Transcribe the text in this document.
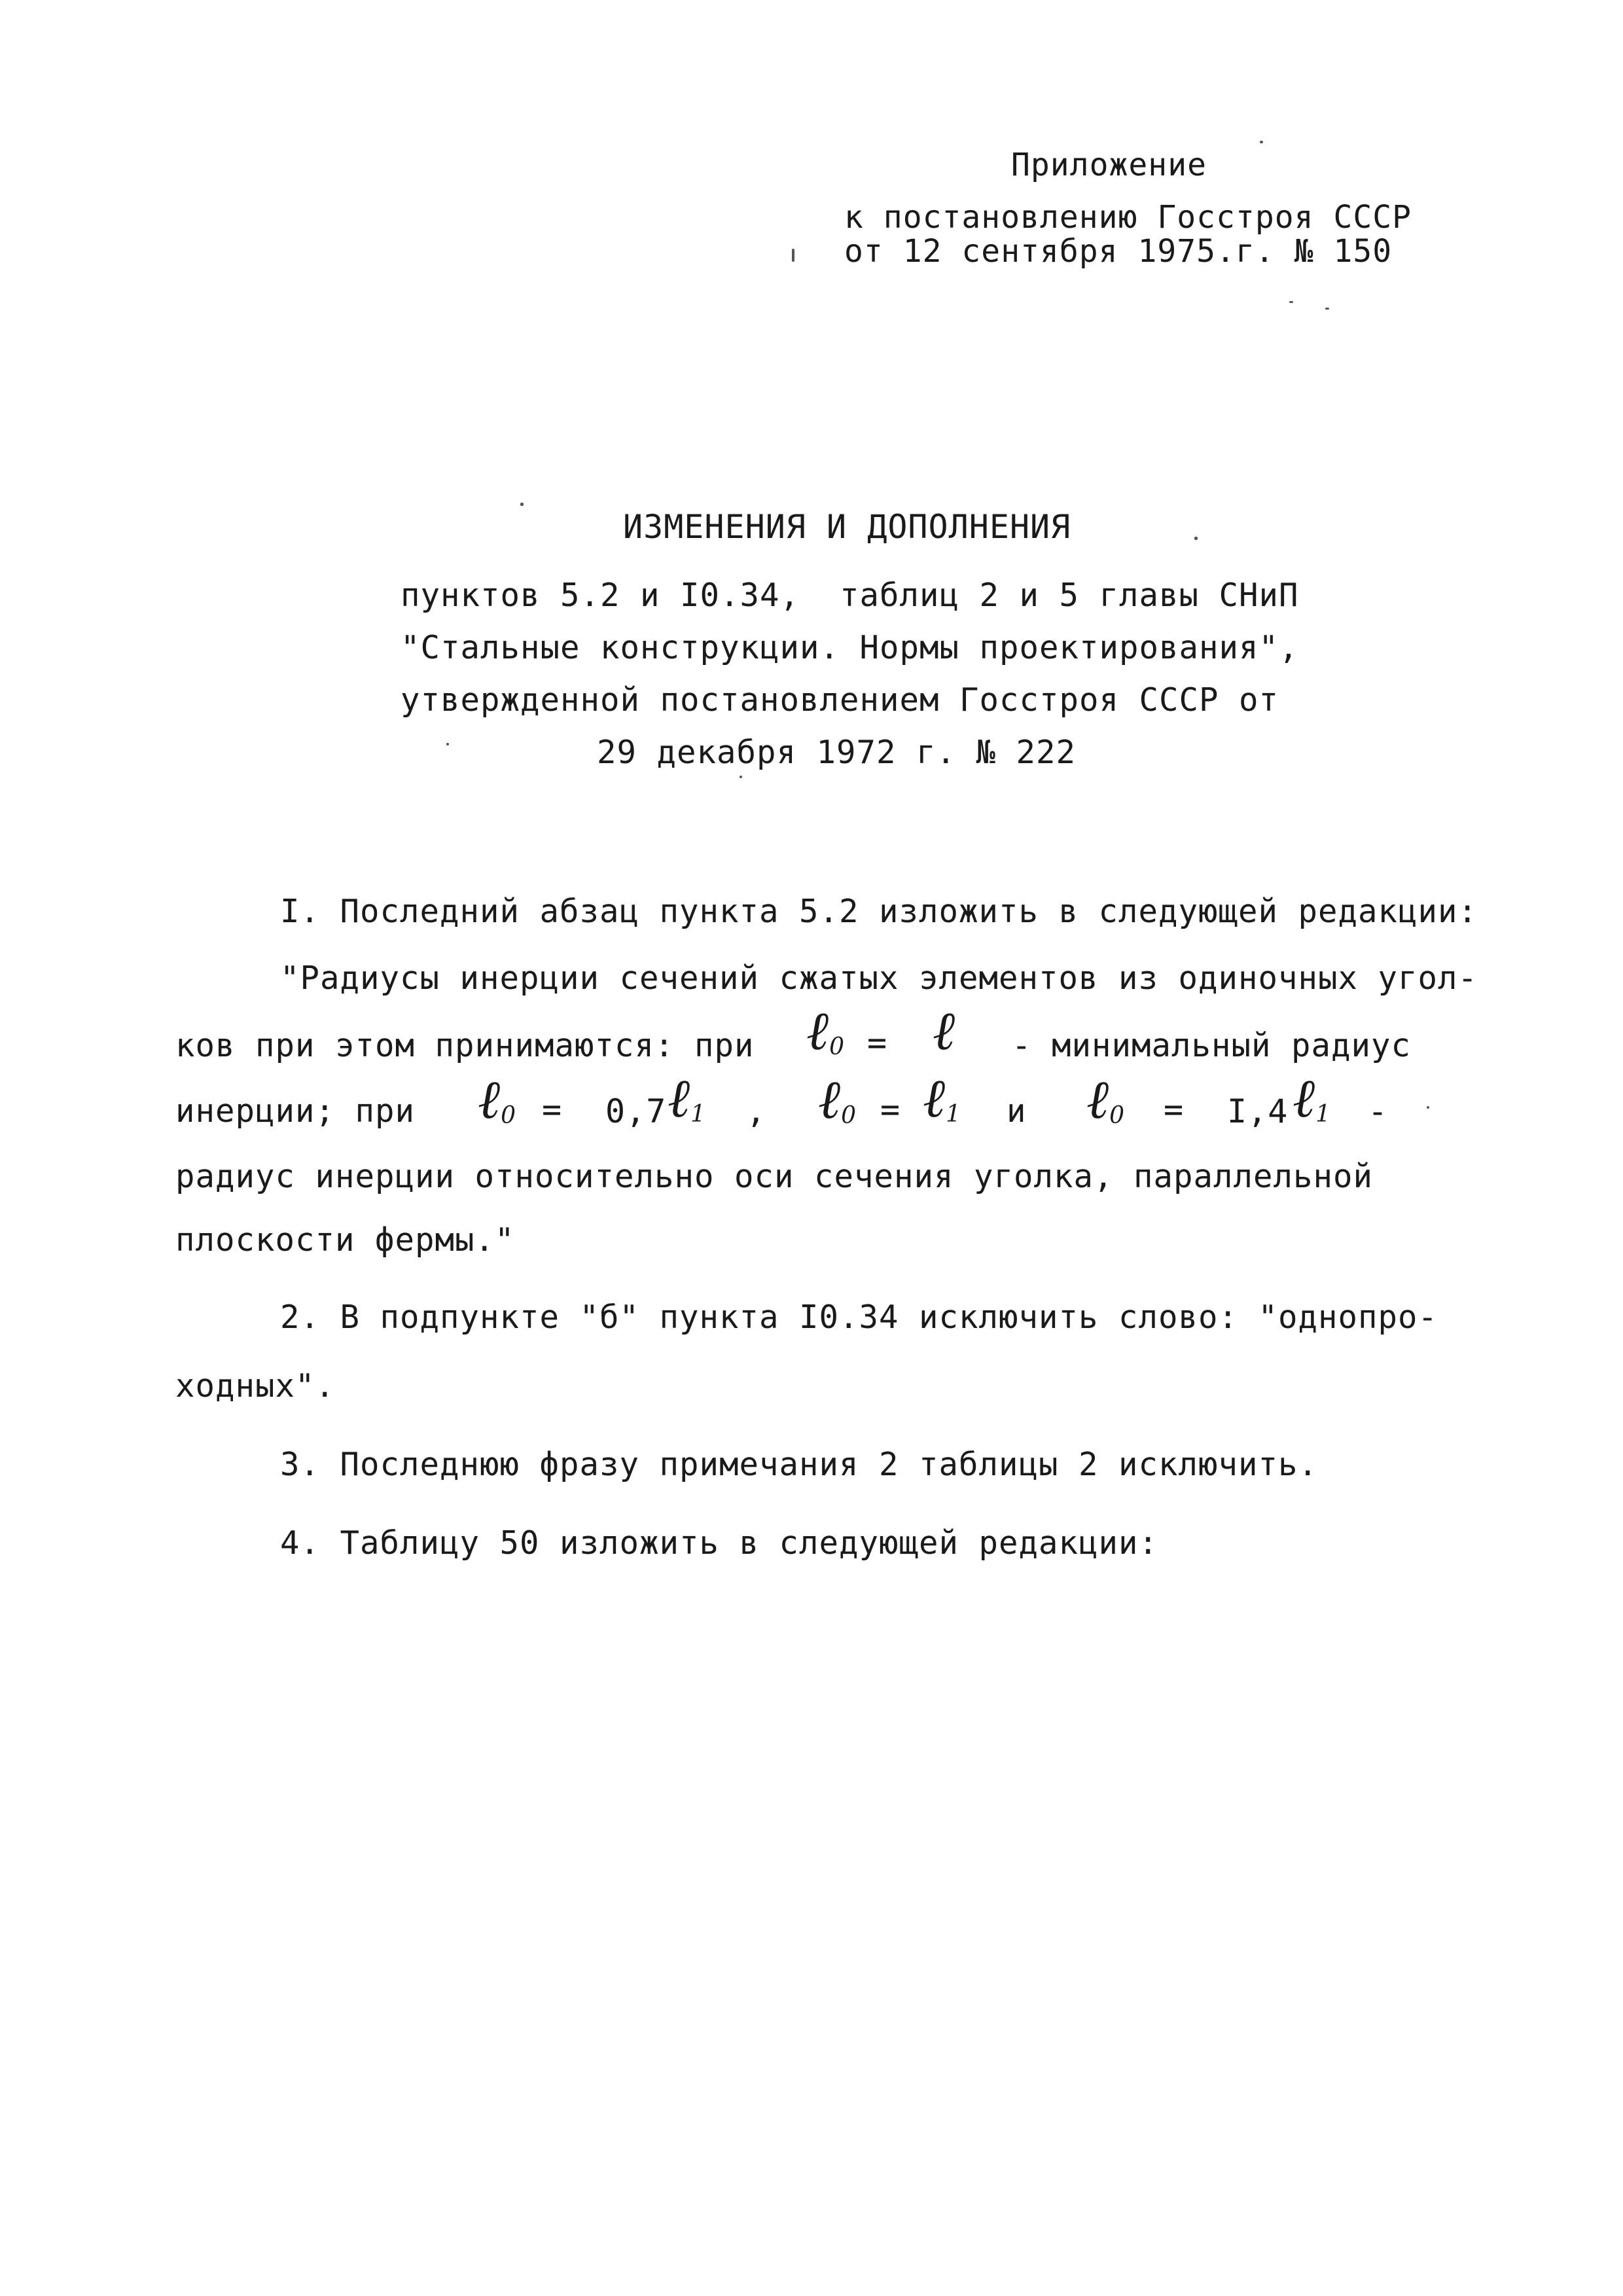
Приложение
к постановлению Госстроя СССР
от 12 сентября 1975.г. № 150
ИЗМЕНЕНИЯ И ДОПОЛНЕНИЯ
пунктов 5.2 и I0.34,  таблиц 2 и 5 главы СНиП
"Стальные конструкции. Нормы проектирования",
утвержденной постановлением Госстроя СССР от
29 декабря 1972 г. № 222
I. Последний абзац пункта 5.2 изложить в следующей редакции:
"Радиусы инерции сечений сжатых элементов из одиночных угол-
ков при этом принимаются: при ℓ$_0$ = ℓ - минимальный радиус
инерции; при ℓ$_0$ = 0,7 ℓ$_1$ , ℓ$_0$ = ℓ$_1$ и ℓ$_0$ = I,4 ℓ$_1$ -
радиус инерции относительно оси сечения уголка, параллельной
плоскости фермы."
2. В подпункте "б" пункта I0.34 исключить слово: "однопро-
ходных".
3. Последнюю фразу примечания 2 таблицы 2 исключить.
4. Таблицу 50 изложить в следующей редакции:
